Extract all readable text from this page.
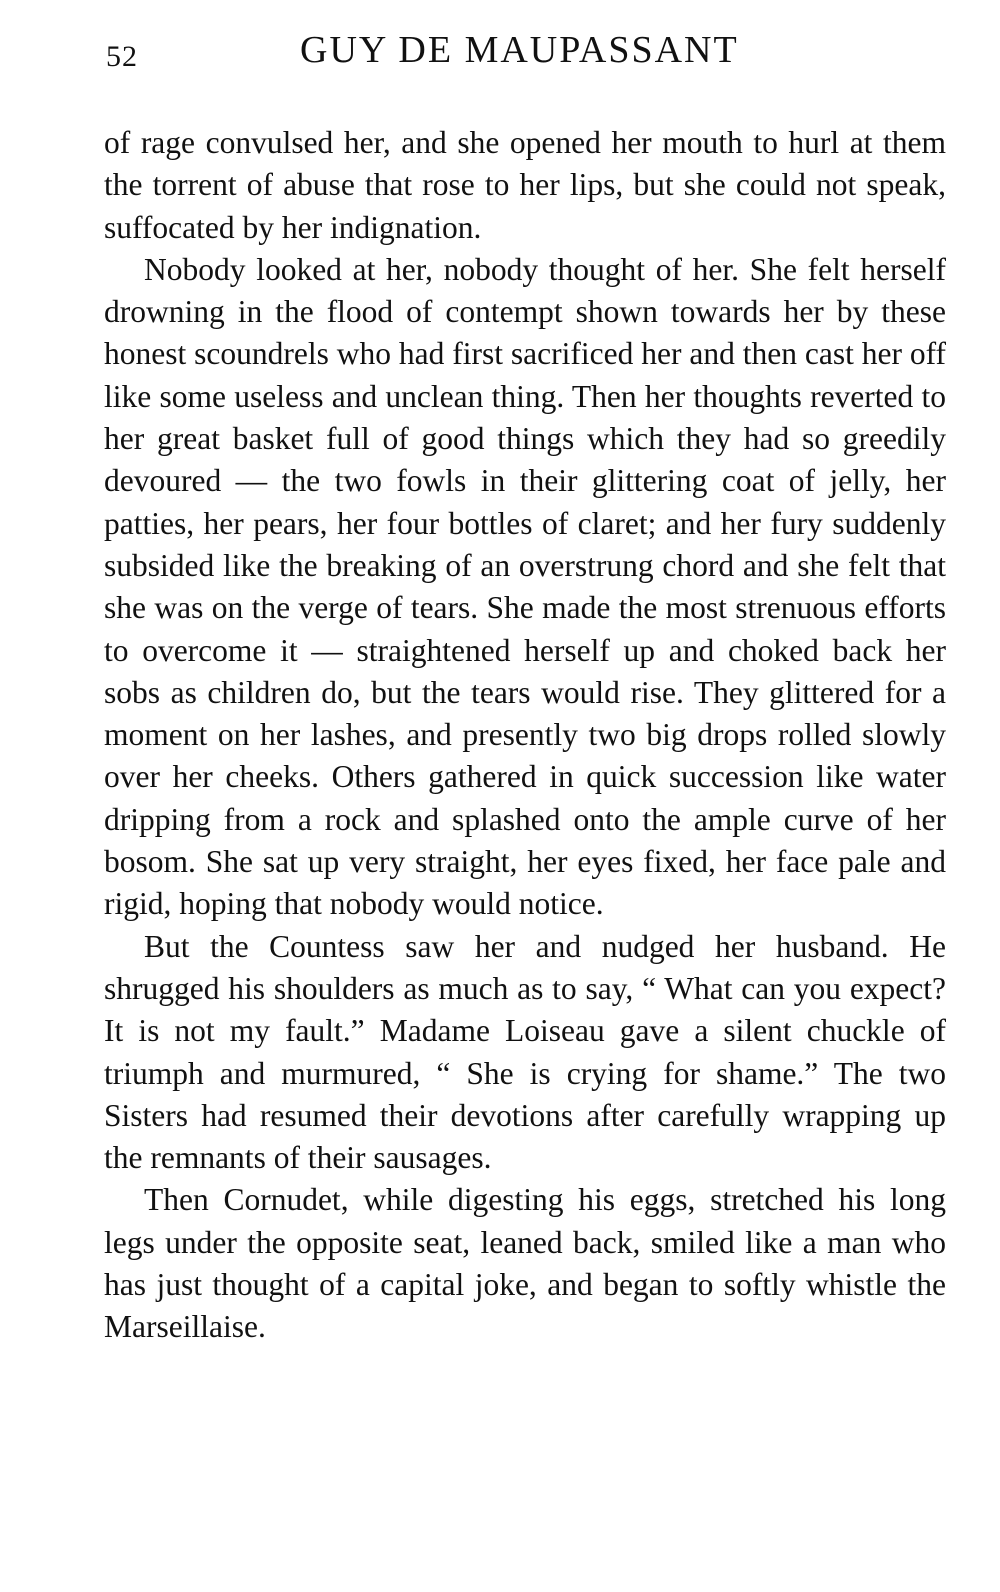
52	GUY DE MAUPASSANT

of rage convulsed her, and she opened her mouth to hurl at them the torrent of abuse that rose to her lips, but she could not speak, suffocated by her indignation.

Nobody looked at her, nobody thought of her. She felt herself drowning in the flood of contempt shown towards her by these honest scoundrels who had first sacrificed her and then cast her off like some useless and unclean thing. Then her thoughts reverted to her great basket full of good things which they had so greedily devoured — the two fowls in their glittering coat of jelly, her patties, her pears, her four bottles of claret; and her fury suddenly subsided like the breaking of an overstrung chord and she felt that she was on the verge of tears. She made the most strenuous efforts to overcome it — straightened herself up and choked back her sobs as children do, but the tears would rise. They glittered for a moment on her lashes, and presently two big drops rolled slowly over her cheeks. Others gathered in quick succession like water dripping from a rock and splashed onto the ample curve of her bosom. She sat up very straight, her eyes fixed, her face pale and rigid, hoping that nobody would notice.

But the Countess saw her and nudged her husband. He shrugged his shoulders as much as to say, “ What can you expect? It is not my fault.” Madame Loiseau gave a silent chuckle of triumph and murmured, “ She is crying for shame.” The two Sisters had resumed their devotions after carefully wrapping up the remnants of their sausages.

Then Cornudet, while digesting his eggs, stretched his long legs under the opposite seat, leaned back, smiled like a man who has just thought of a capital joke, and began to softly whistle the Marseillaise.
